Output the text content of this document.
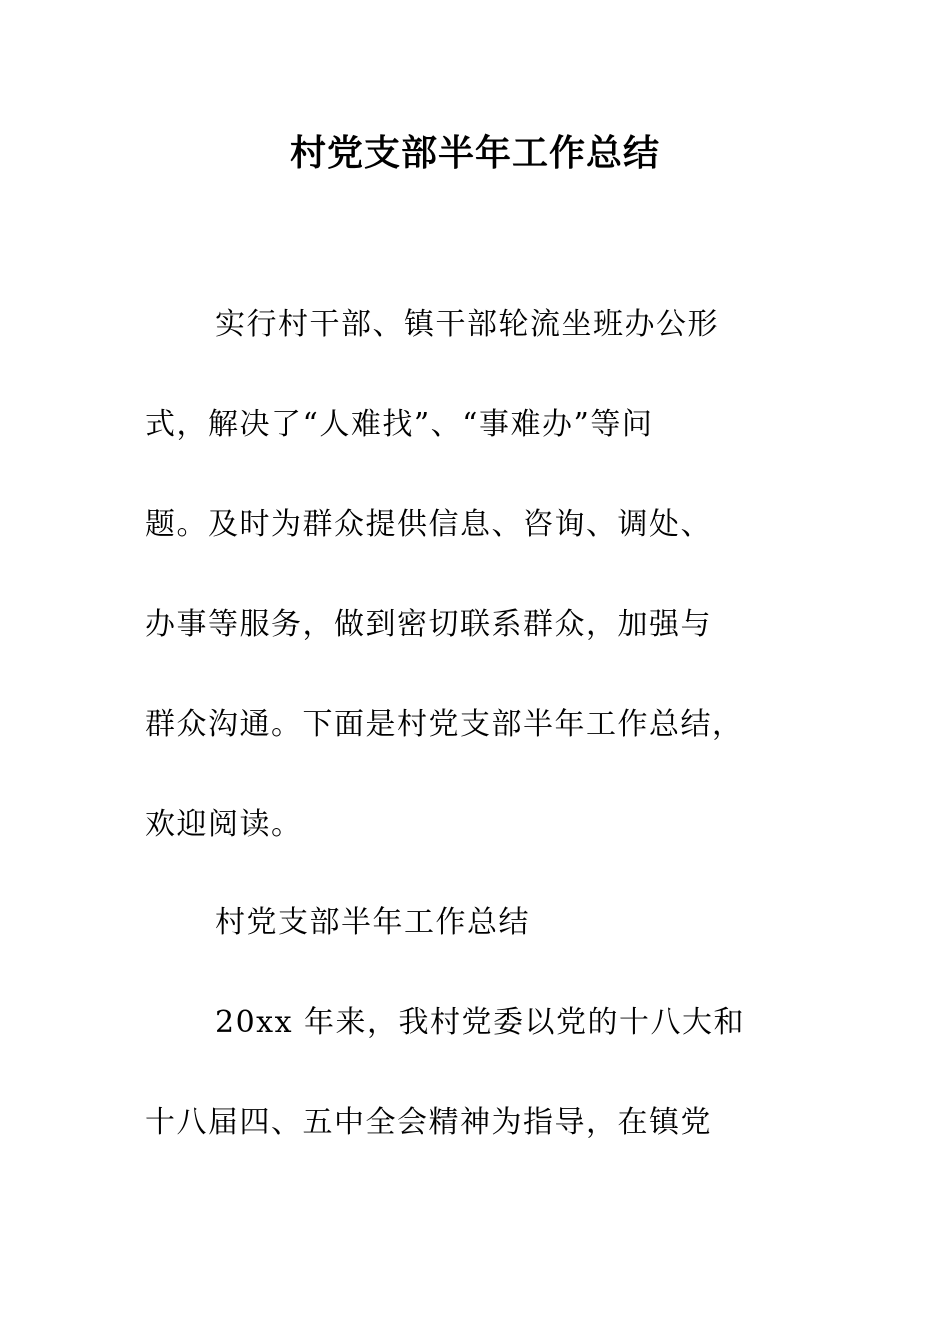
村党支部半年工作总结
实行村干部、镇干部轮流坐班办公形
式，解决了“人难找”、“事难办”等问
题。及时为群众提供信息、咨询、调处、
办事等服务，做到密切联系群众，加强与
群众沟通。下面是村党支部半年工作总结，
欢迎阅读。
村党支部半年工作总结
20xx 年来，我村党委以党的十八大和
十八届四、五中全会精神为指导，在镇党
